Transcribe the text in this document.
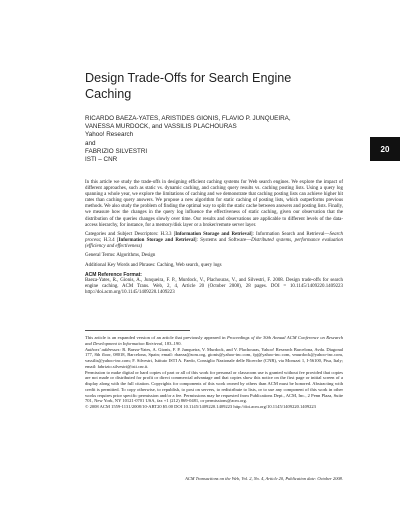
Design Trade-Offs for Search Engine Caching
RICARDO BAEZA-YATES, ARISTIDES GIONIS, FLAVIO P. JUNQUEIRA,
VANESSA MURDOCK, and VASSILIS PLACHOURAS
Yahoo! Research
and
FABRIZIO SILVESTRI
ISTI – CNR
20

In this article we study the trade-offs in designing efficient caching systems for Web search engines. We explore the impact of different approaches, such as static vs. dynamic caching, and caching query results vs. caching posting lists. Using a query log spanning a whole year, we explore the limitations of caching and we demonstrate that caching posting lists can achieve higher hit rates than caching query answers. We propose a new algorithm for static caching of posting lists, which outperforms previous methods. We also study the problem of finding the optimal way to split the static cache between answers and posting lists. Finally, we measure how the changes in the query log influence the effectiveness of static caching, given our observation that the distribution of the queries changes slowly over time. Our results and observations are applicable to different levels of the data-access hierarchy, for instance, for a memory/disk layer or a broker/remote server layer.

Categories and Subject Descriptors: H.3.3 [Information Storage and Retrieval]: Information Search and Retrieval—Search process; H.3.4 [Information Storage and Retrieval]: Systems and Software—Distributed systems, performance evaluation (efficiency and effectiveness)

General Terms: Algorithms, Design

Additional Key Words and Phrases: Caching, Web search, query logs

ACM Reference Format:

Baeza-Yates, R., Gionis, A., Junqueira, F. P., Murdock, V., Plachouras, V., and Silvestri, F. 2008. Design trade-offs for search engine caching. ACM Trans. Web, 2, 4, Article 20 (October 2008), 28 pages. DOI = 10.1145/1409220.1409223 http://doi.acm.org/10.1145/1409220.1409223

This article is an expanded version of an article that previously appeared in Proceedings of the 30th Annual ACM Conference on Research and Development in Information Retrieval, 183–190.

Authors' addresses: R. Baeza-Yates, A. Gionis, F. P. Junqueira, V. Murdock, and V. Plachouras, Yahoo! Research Barcelona, Avda. Diagonal 177, 8th floor, 08018, Barcelona, Spain; email: rbaeza@acm.org, gionis@yahoo-inc.com, fpj@yahoo-inc.com, vmurdock@yahoo-inc.com, vassilis@yahoo-inc.com; F. Silvestri, Istituto ISTI A. Faedo, Consiglio Nazionale delle Ricerche (CNR), via Moruzzi 1, I-56100, Pisa, Italy; email: fabrizio.silvestri@isti.cnr.it.

Permission to make digital or hard copies of part or all of this work for personal or classroom use is granted without fee provided that copies are not made or distributed for profit or direct commercial advantage and that copies show this notice on the first page or initial screen of a display along with the full citation. Copyrights for components of this work owned by others than ACM must be honored. Abstracting with credit is permitted. To copy otherwise, to republish, to post on servers, to redistribute to lists, or to use any component of this work in other works requires prior specific permission and/or a fee. Permissions may be requested from Publications Dept., ACM, Inc., 2 Penn Plaza, Suite 701, New York, NY 10121-0701 USA, fax +1 (212) 869-0481, or permissions@acm.org.

© 2008 ACM 1559-1131/2008/10-ART20 $5.00 DOI 10.1145/1409220.1409223 http://doi.acm.org/10.1145/1409220.1409223

ACM Transactions on the Web, Vol. 2, No. 4, Article 20, Publication date: October 2008.
